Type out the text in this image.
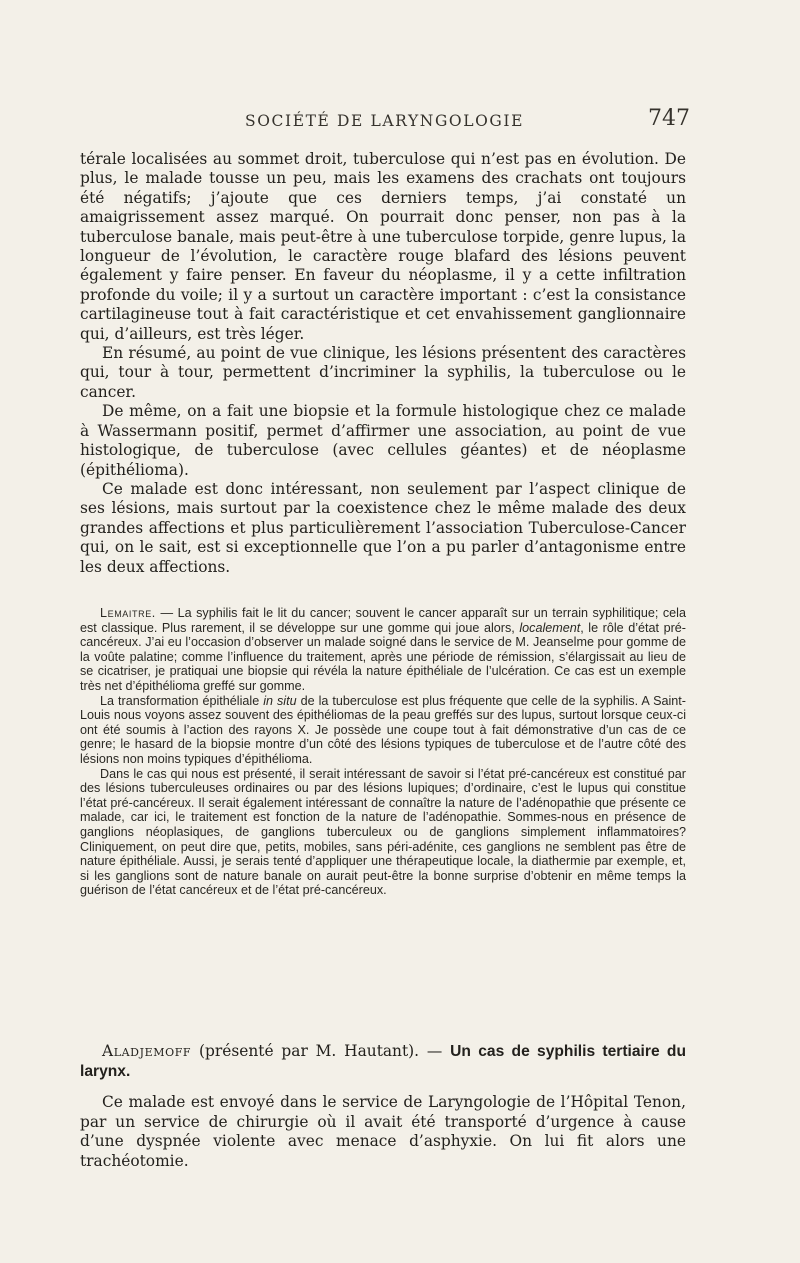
SOCIÉTÉ DE LARYNGOLOGIE	747

térale localisées au sommet droit, tuberculose qui n’est pas en évolution. De plus, le malade tousse un peu, mais les examens des crachats ont toujours été négatifs; j’ajoute que ces derniers temps, j’ai constaté un amaigrissement assez marqué. On pourrait donc penser, non pas à la tuberculose banale, mais peut-être à une tuberculose torpide, genre lupus, la longueur de l’évolution, le caractère rouge blafard des lésions peuvent également y faire penser. En faveur du néoplasme, il y a cette infiltration profonde du voile; il y a surtout un caractère important : c’est la consistance cartilagineuse tout à fait caractéristique et cet envahissement ganglionnaire qui, d’ailleurs, est très léger.

En résumé, au point de vue clinique, les lésions présentent des caractères qui, tour à tour, permettent d’incriminer la syphilis, la tuberculose ou le cancer.

De même, on a fait une biopsie et la formule histologique chez ce malade à Wassermann positif, permet d’affirmer une association, au point de vue histologique, de tuberculose (avec cellules géantes) et de néoplasme (épithélioma).

Ce malade est donc intéressant, non seulement par l’aspect clinique de ses lésions, mais surtout par la coexistence chez le même malade des deux grandes affections et plus particulièrement l’association Tuberculose-Cancer qui, on le sait, est si exceptionnelle que l’on a pu parler d’antagonisme entre les deux affections.

Lemaitre. — La syphilis fait le lit du cancer; souvent le cancer apparaît sur un terrain syphilitique; cela est classique. Plus rarement, il se développe sur une gomme qui joue alors, localement, le rôle d’état pré-cancéreux. J’ai eu l’occasion d’observer un malade soigné dans le service de M. Jeanselme pour gomme de la voûte palatine; comme l’influence du traitement, après une période de rémission, s’élargissait au lieu de se cicatriser, je pratiquai une biopsie qui révéla la nature épithéliale de l’ulcération. Ce cas est un exemple très net d’épithélioma greffé sur gomme.

La transformation épithéliale in situ de la tuberculose est plus fréquente que celle de la syphilis. A Saint-Louis nous voyons assez souvent des épithéliomas de la peau greffés sur des lupus, surtout lorsque ceux-ci ont été soumis à l’action des rayons X. Je possède une coupe tout à fait démonstrative d’un cas de ce genre; le hasard de la biopsie montre d’un côté des lésions typiques de tuberculose et de l’autre côté des lésions non moins typiques d’épithélioma.

Dans le cas qui nous est présenté, il serait intéressant de savoir si l’état pré-cancéreux est constitué par des lésions tuberculeuses ordinaires ou par des lésions lupiques; d’ordinaire, c’est le lupus qui constitue l’état pré-cancéreux. Il serait également intéressant de connaître la nature de l’adénopathie que présente ce malade, car ici, le traitement est fonction de la nature de l’adénopathie. Sommes-nous en présence de ganglions néoplasiques, de ganglions tuberculeux ou de ganglions simplement inflammatoires? Cliniquement, on peut dire que, petits, mobiles, sans péri-adénite, ces ganglions ne semblent pas être de nature épithéliale. Aussi, je serais tenté d’appliquer une thérapeutique locale, la diathermie par exemple, et, si les ganglions sont de nature banale on aurait peut-être la bonne surprise d’obtenir en même temps la guérison de l’état cancéreux et de l’état pré-cancéreux.

Aladjemoff (présenté par M. Hautant). — Un cas de syphilis tertiaire du larynx.

Ce malade est envoyé dans le service de Laryngologie de l’Hôpital Tenon, par un service de chirurgie où il avait été transporté d’urgence à cause d’une dyspnée violente avec menace d’asphyxie. On lui fit alors une trachéotomie.
